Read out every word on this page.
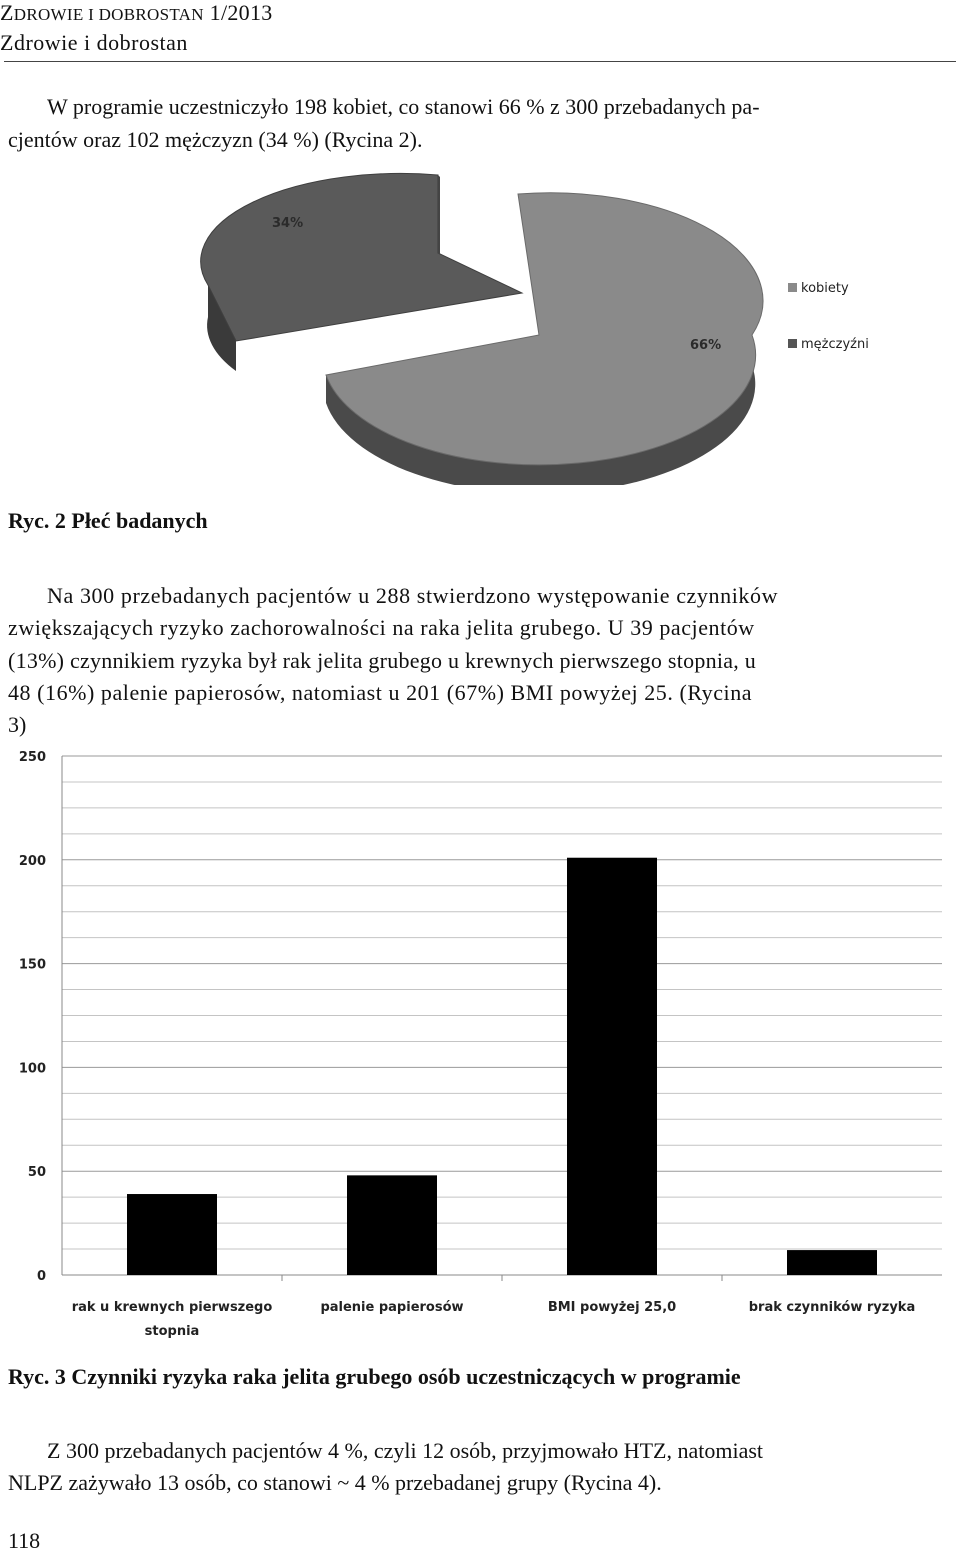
ZDROWIE I DOBROSTAN 1/2013
Zdrowie i dobrostan
W programie uczestniczyło 198 kobiet, co stanowi 66 % z 300 przebadanych pa-
cjentów oraz 102 mężczyzn (34 %) (Rycina 2).
34%
66%
kobiety
mężczyźni
Ryc. 2 Płeć badanych
Na 300 przebadanych pacjentów u 288 stwierdzono występowanie czynników
zwiększających ryzyko zachorowalności na raka jelita grubego. U 39 pacjentów
(13%) czynnikiem ryzyka był rak jelita grubego u krewnych pierwszego stopnia, u
48 (16%) palenie papierosów, natomiast u 201 (67%) BMI powyżej 25. (Rycina
3)
0
50
100
150
200
250
rak u krewnych pierwszego
stopnia
palenie papierosów	BMI powyżej 25,0	brak czynników ryzyka
Ryc. 3 Czynniki ryzyka raka jelita grubego osób uczestniczących w programie
Z 300 przebadanych pacjentów 4 %, czyli 12 osób, przyjmowało HTZ, natomiast
NLPZ zażywało 13 osób, co stanowi ~ 4 % przebadanej grupy (Rycina 4).
118
